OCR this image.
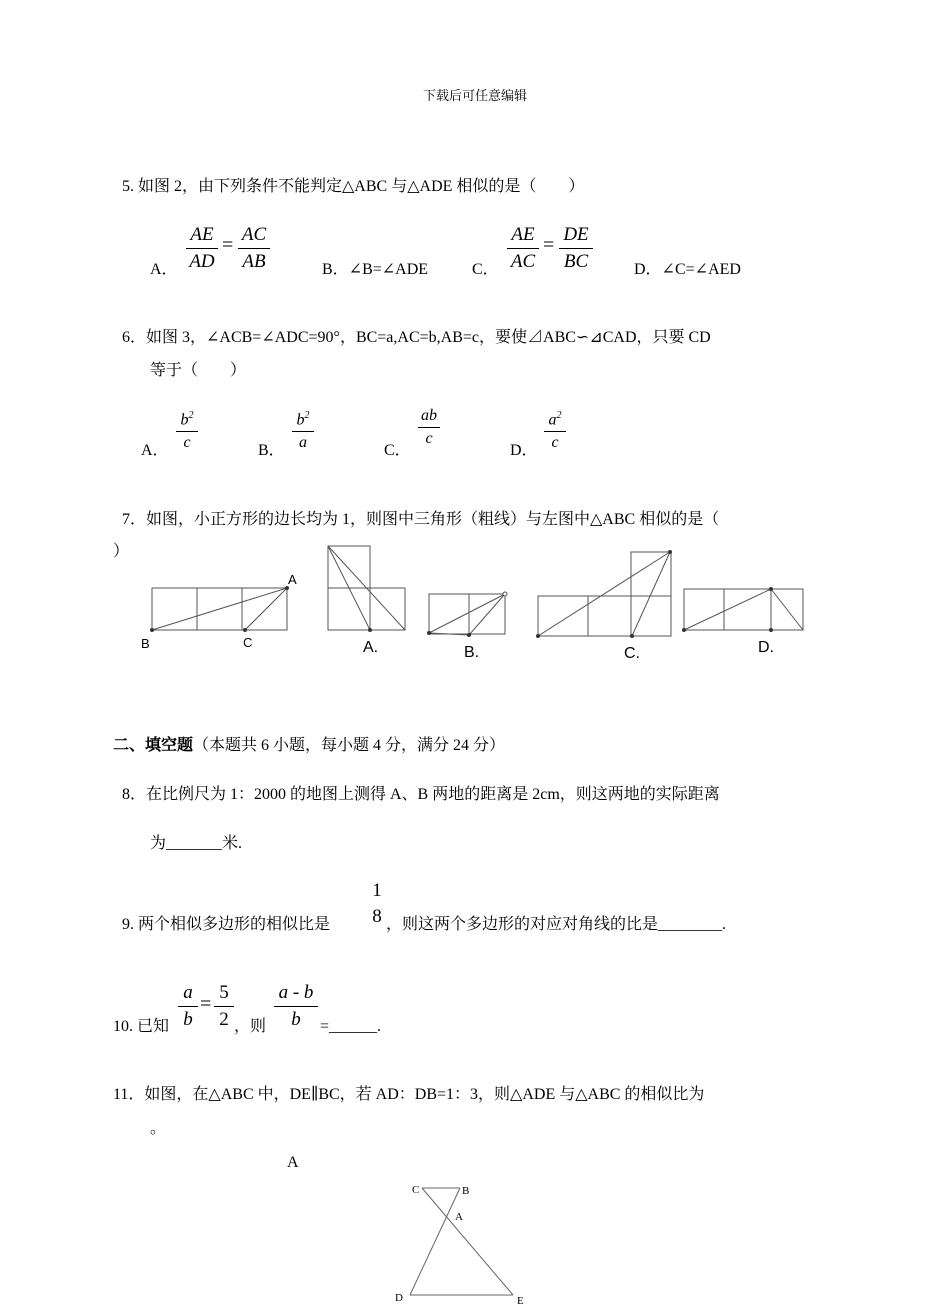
下载后可任意编辑
5. 如图 2，由下列条件不能判定△ABC 与△ADE 相似的是（　　）
A．
AE
AD
= AC
AB	B．∠B=∠ADE	C．
AE
AC
= DE
BC	D．∠C=∠AED
6．如图 3，∠ACB=∠ADC=90°，BC=a,AC=b,AB=c，要使⊿ABC∽⊿CAD，只要 CD
等于（　　）
A．
$b^2$
c	B．
$b^2$
a	C．
ab
c
D．
$a^2$
c
7．如图，小正方形的边长均为 1，则图中三角形（粗线）与左图中△ABC 相似的是（
）
A
B	C	A.	B.	C.	D.
二、填空题（本题共 6 小题，每小题 4 分，满分 24 分）
8．在比例尺为 1：2000 的地图上测得 A、B 两地的距离是 2cm，则这两地的实际距离
为_______米.
9. 两个相似多边形的相似比是
1
8 ，则这两个多边形的对应对角线的比是________.
10. 已知
a
b
=
5
2 ，则
a - b
b =______.
11．如图，在△ABC 中，DE∥BC，若 AD：DB=1：3，则△ADE 与△ABC 的相似比为
。
A
C	B
A
D	E
